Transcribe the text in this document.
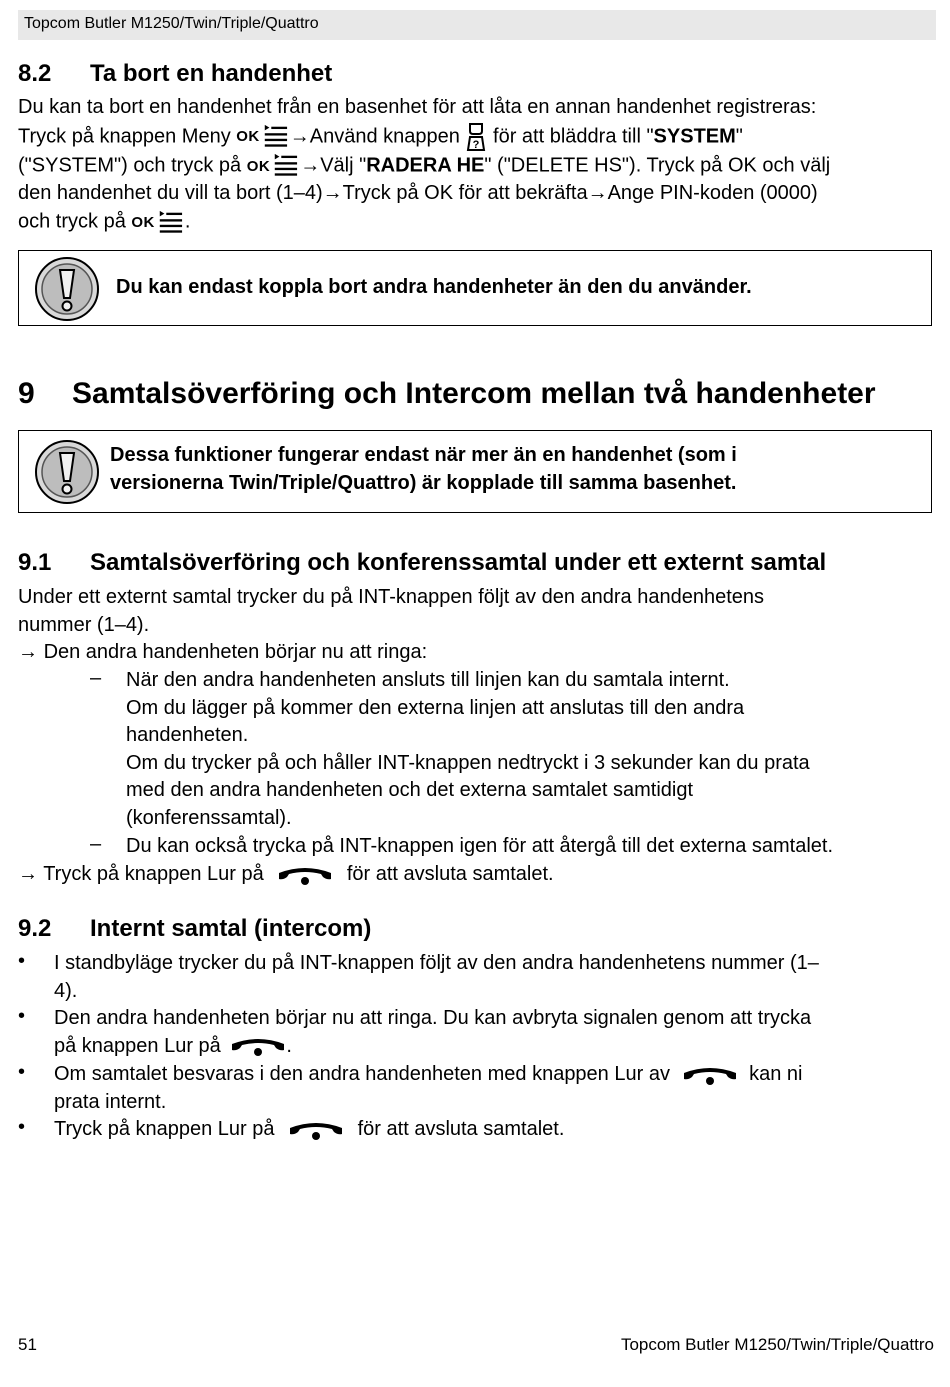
Topcom Butler M1250/Twin/Triple/Quattro
8.2 Ta bort en handenhet
Du kan ta bort en handenhet från en basenhet för att låta en annan handenhet registreras:
Tryck på knappen Meny OK →Använd knappen för att bläddra till "SYSTEM"
("SYSTEM") och tryck på OK →Välj "RADERA HE" ("DELETE HS"). Tryck på OK och välj
den handenhet du vill ta bort (1–4)→Tryck på OK för att bekräfta→Ange PIN-koden (0000)
och tryck på OK .
Du kan endast koppla bort andra handenheter än den du använder.
9 Samtalsöverföring och Intercom mellan två handenheter
Dessa funktioner fungerar endast när mer än en handenhet (som i
versionerna Twin/Triple/Quattro) är kopplade till samma basenhet.
9.1 Samtalsöverföring och konferenssamtal under ett externt samtal
Under ett externt samtal trycker du på INT-knappen följt av den andra handenhetens
nummer (1–4).
→ Den andra handenheten börjar nu att ringa:
– När den andra handenheten ansluts till linjen kan du samtala internt.
Om du lägger på kommer den externa linjen att anslutas till den andra
handenheten.
Om du trycker på och håller INT-knappen nedtryckt i 3 sekunder kan du prata
med den andra handenheten och det externa samtalet samtidigt
(konferenssamtal).
– Du kan också trycka på INT-knappen igen för att återgå till det externa samtalet.
→ Tryck på knappen Lur på	för att avsluta samtalet.
9.2 Internt samtal (intercom)
• I standbyläge trycker du på INT-knappen följt av den andra handenhetens nummer (1–
4).
• Den andra handenheten börjar nu att ringa. Du kan avbryta signalen genom att trycka
på knappen Lur på	.
• Om samtalet besvaras i den andra handenheten med knappen Lur av	kan ni
prata internt.
• Tryck på knappen Lur på	för att avsluta samtalet.
51	Topcom Butler M1250/Twin/Triple/Quattro
